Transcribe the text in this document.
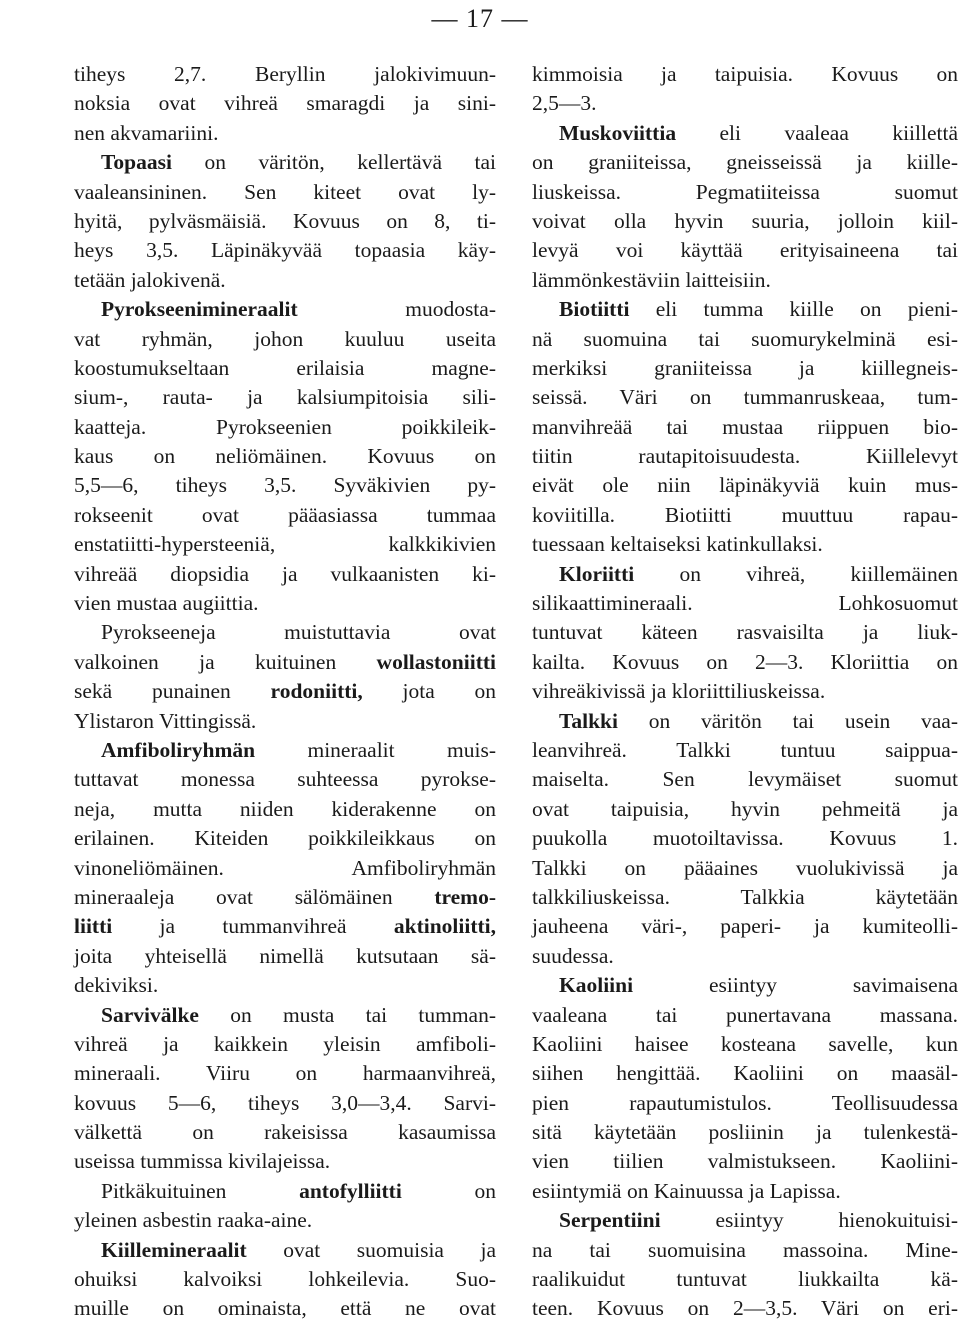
— 17 —
tiheys 2,7. Beryllin jalokivimuun-
noksia ovat vihreä smaragdi ja sini-
nen akvamariini.
Topaasi on väritön, kellertävä tai
vaaleansininen. Sen kiteet ovat ly-
hyitä, pylväsmäisiä. Kovuus on 8, ti-
heys 3,5. Läpinäkyvää topaasia käy-
tetään jalokivenä.
Pyrokseenimineraalit muodosta-
vat ryhmän, johon kuuluu useita
koostumukseltaan erilaisia magne-
sium-, rauta- ja kalsiumpitoisia sili-
kaatteja. Pyrokseenien poikkileik-
kaus on neliömäinen. Kovuus on
5,5—6, tiheys 3,5. Syväkivien py-
rokseenit ovat pääasiassa tummaa
enstatiitti-hypersteeniä, kalkkikivien
vihreää diopsidia ja vulkaanisten ki-
vien mustaa augiittia.
Pyrokseeneja muistuttavia ovat
valkoinen ja kuituinen wollastoniitti
sekä punainen rodoniitti, jota on
Ylistaron Vittingissä.
Amfiboliryhmän mineraalit muis-
tuttavat monessa suhteessa pyrokse-
neja, mutta niiden kiderakenne on
erilainen. Kiteiden poikkileikkaus on
vinoneliömäinen. Amfiboliryhmän
mineraaleja ovat sälömäinen tremo-
liitti ja tummanvihreä aktinoliitti,
joita yhteisellä nimellä kutsutaan sä-
dekiviksi.
Sarvivälke on musta tai tumman-
vihreä ja kaikkein yleisin amfiboli-
mineraali. Viiru on harmaanvihreä,
kovuus 5—6, tiheys 3,0—3,4. Sarvi-
välkettä on rakeisissa kasaumissa
useissa tummissa kivilajeissa.
Pitkäkuituinen antofylliitti on
yleinen asbestin raaka-aine.
Kiillemineraalit ovat suomuisia ja
ohuiksi kalvoiksi lohkeilevia. Suo-
muille on ominaista, että ne ovat
kimmoisia ja taipuisia. Kovuus on
2,5—3.
Muskoviittia eli vaaleaa kiillettä
on graniiteissa, gneisseissä ja kiille-
liuskeissa. Pegmatiiteissa suomut
voivat olla hyvin suuria, jolloin kiil-
levyä voi käyttää erityisaineena tai
lämmönkestäviin laitteisiin.
Biotiitti eli tumma kiille on pieni-
nä suomuina tai suomurykelminä esi-
merkiksi graniiteissa ja kiillegneis-
seissä. Väri on tummanruskeaa, tum-
manvihreää tai mustaa riippuen bio-
tiitin rautapitoisuudesta. Kiillelevyt
eivät ole niin läpinäkyviä kuin mus-
koviitilla. Biotiitti muuttuu rapau-
tuessaan keltaiseksi katinkullaksi.
Kloriitti on vihreä, kiillemäinen
silikaattimineraali. Lohkosuomut
tuntuvat käteen rasvaisilta ja liuk-
kailta. Kovuus on 2—3. Kloriittia on
vihreäkivissä ja kloriittiliuskeissa.
Talkki on väritön tai usein vaa-
leanvihreä. Talkki tuntuu saippua-
maiselta. Sen levymäiset suomut
ovat taipuisia, hyvin pehmeitä ja
puukolla muotoiltavissa. Kovuus 1.
Talkki on pääaines vuolukivissä ja
talkkiliuskeissa. Talkkia käytetään
jauheena väri-, paperi- ja kumiteolli-
suudessa.
Kaoliini esiintyy savimaisena
vaaleana tai punertavana massana.
Kaoliini haisee kosteana savelle, kun
siihen hengittää. Kaoliini on maasäl-
pien rapautumistulos. Teollisuudessa
sitä käytetään posliinin ja tulenkestä-
vien tiilien valmistukseen. Kaoliini-
esiintymiä on Kainuussa ja Lapissa.
Serpentiini esiintyy hienokuituisi-
na tai suomuisina massoina. Mine-
raalikuidut tuntuvat liukkailta kä-
teen. Kovuus on 2—3,5. Väri on eri-
